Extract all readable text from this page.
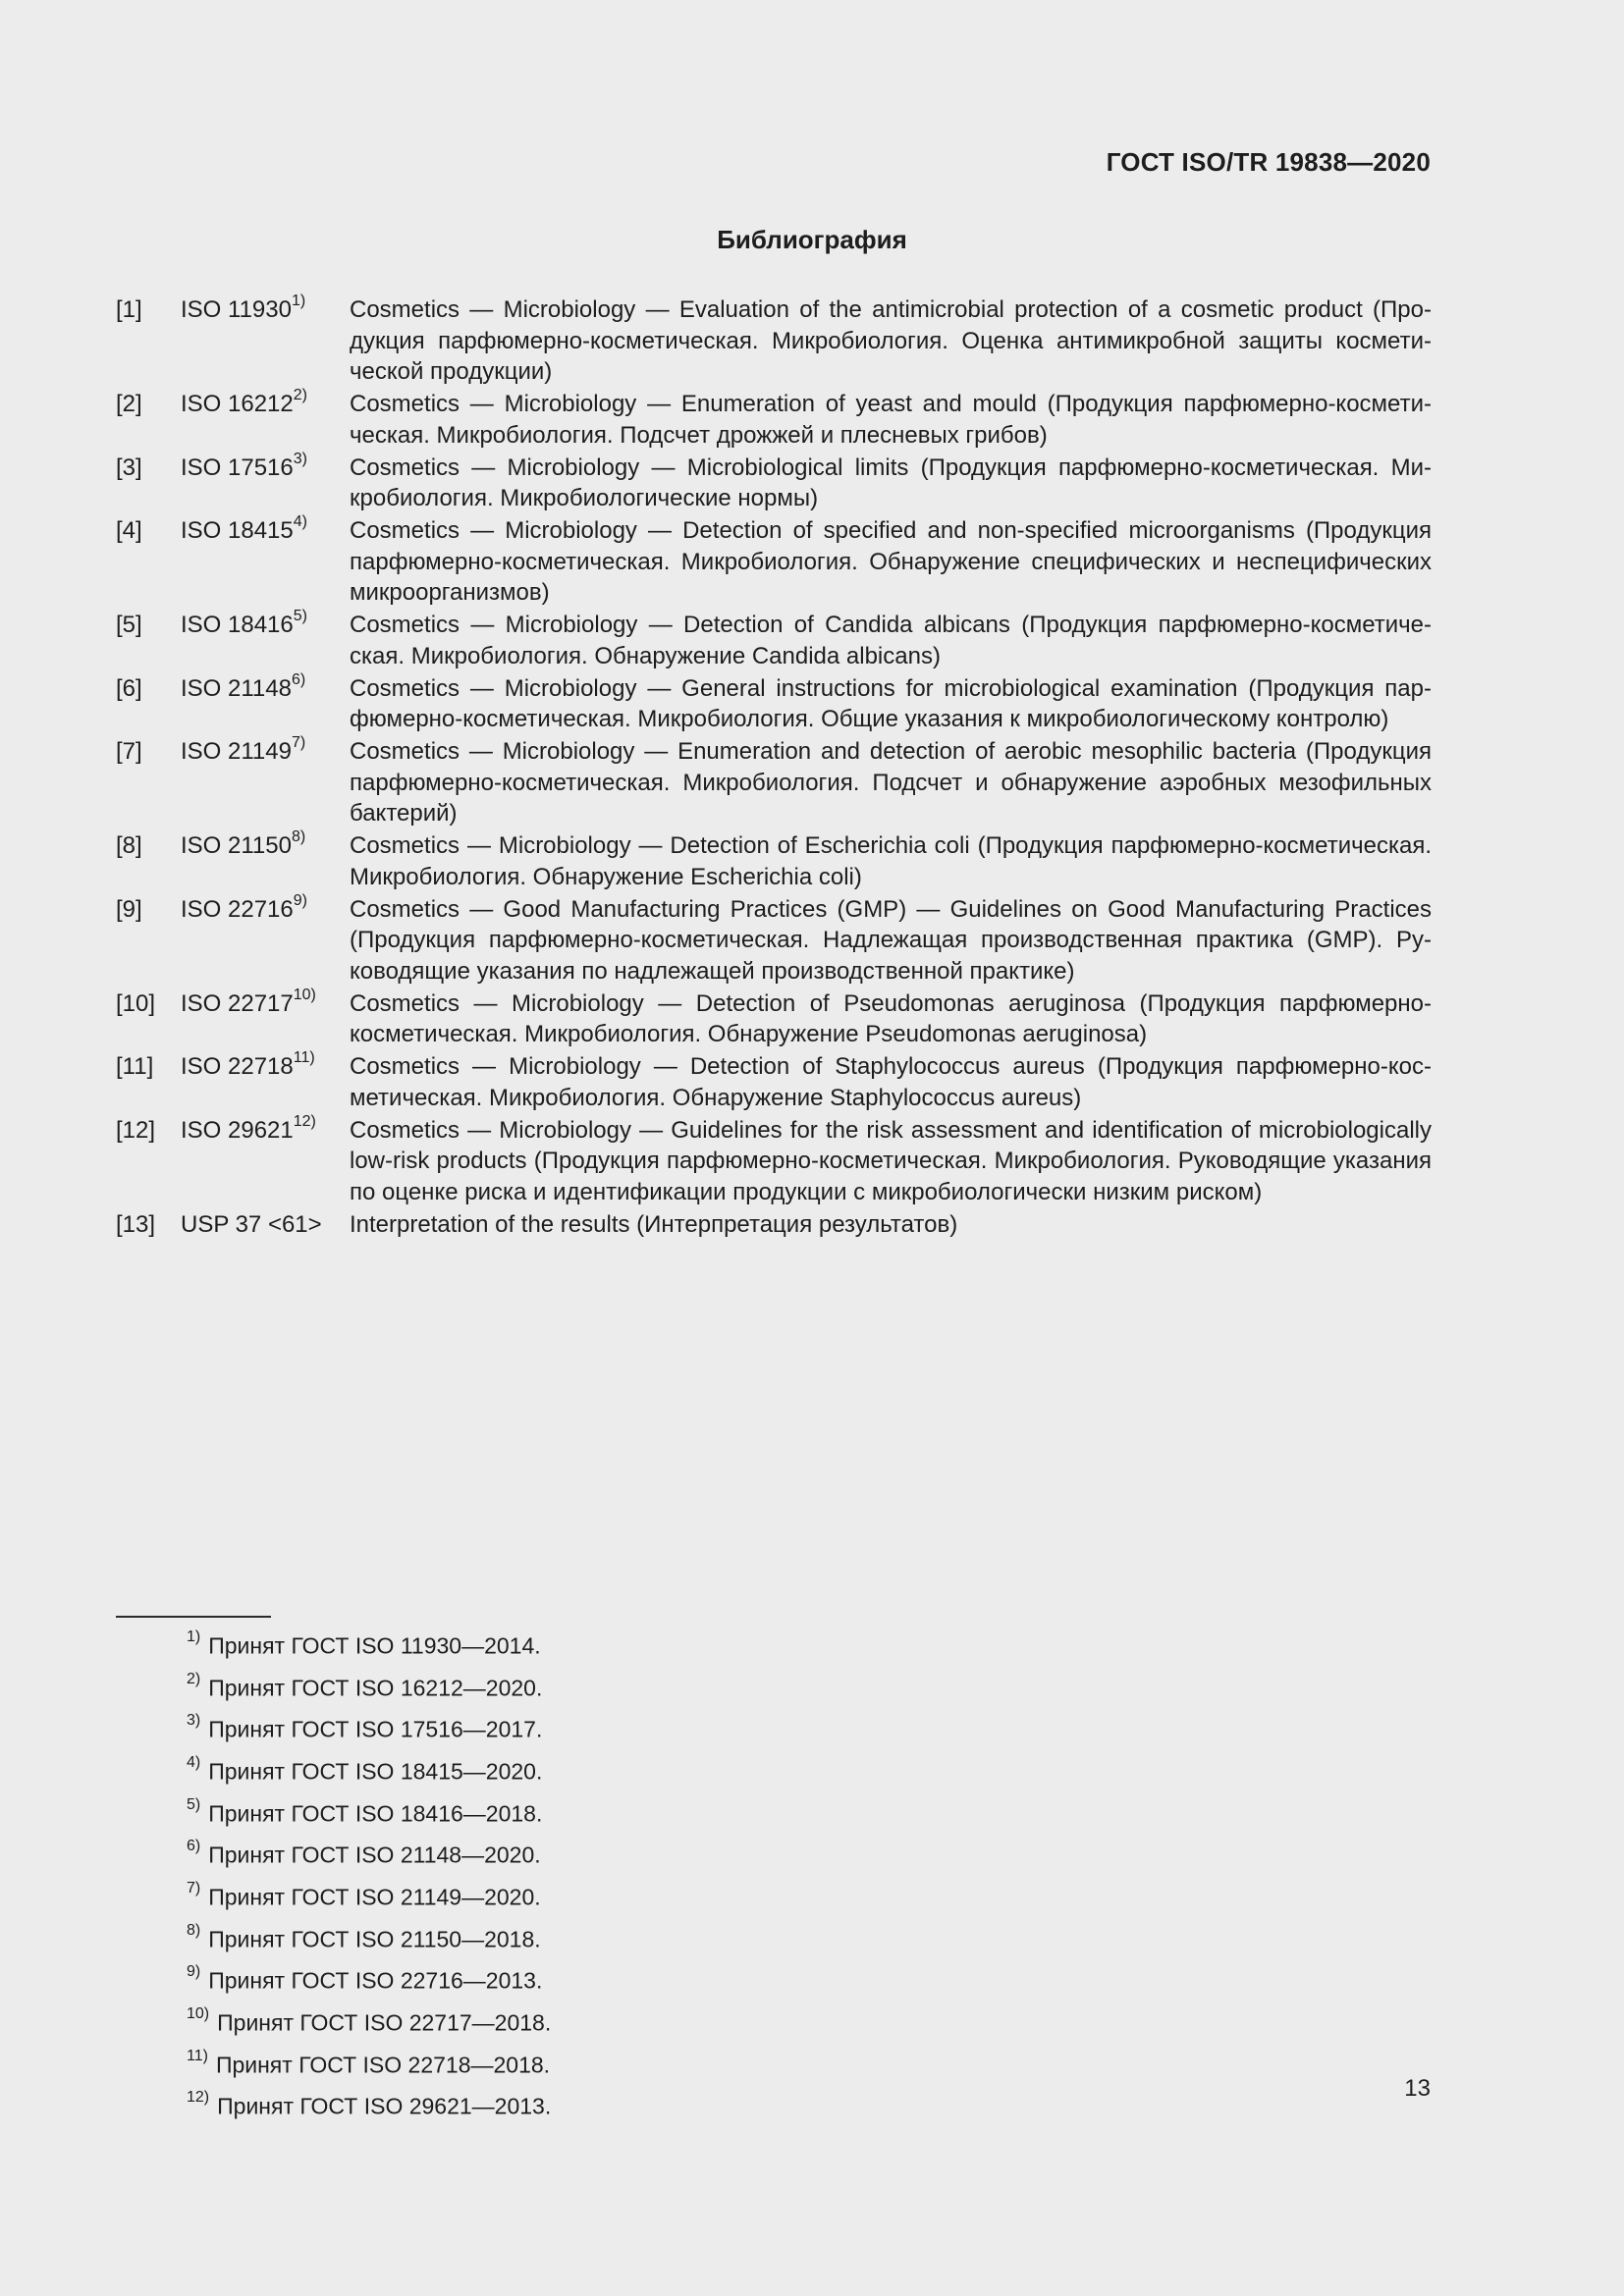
ГОСТ ISO/TR 19838—2020
Библиография
[1]	ISO 11930$^{1)}$	Cosmetics — Microbiology — Evaluation of the antimicrobial protection of a cosmetic product (Продукция парфюмерно-косметическая. Микробиология. Оценка антимикробной защиты косметической продукции)
[2]	ISO 16212$^{2)}$	Cosmetics — Microbiology — Enumeration of yeast and mould (Продукция парфюмерно-косметическая. Микробиология. Подсчет дрожжей и плесневых грибов)
[3]	ISO 17516$^{3)}$	Cosmetics — Microbiology — Microbiological limits (Продукция парфюмерно-косметическая. Микробиология. Микробиологические нормы)
[4]	ISO 18415$^{4)}$	Cosmetics — Microbiology — Detection of specified and non-specified microorganisms (Продукция парфюмерно-косметическая. Микробиология. Обнаружение специфических и неспецифических микроорганизмов)
[5]	ISO 18416$^{5)}$	Cosmetics — Microbiology — Detection of Candida albicans (Продукция парфюмерно-косметическая. Микробиология. Обнаружение Candida albicans)
[6]	ISO 21148$^{6)}$	Cosmetics — Microbiology — General instructions for microbiological examination (Продукция парфюмерно-косметическая. Микробиология. Общие указания к микробиологическому контролю)
[7]	ISO 21149$^{7)}$	Cosmetics — Microbiology — Enumeration and detection of aerobic mesophilic bacteria (Продукция парфюмерно-косметическая. Микробиология. Подсчет и обнаружение аэробных мезофильных бактерий)
[8]	ISO 21150$^{8)}$	Cosmetics — Microbiology — Detection of Escherichia coli (Продукция парфюмерно-косметическая. Микробиология. Обнаружение Escherichia coli)
[9]	ISO 22716$^{9)}$	Cosmetics — Good Manufacturing Practices (GMP) — Guidelines on Good Manufacturing Practices (Продукция парфюмерно-косметическая. Надлежащая производственная практика (GMP). Руководящие указания по надлежащей производственной практике)
[10]	ISO 22717$^{10)}$	Cosmetics — Microbiology — Detection of Pseudomonas aeruginosa (Продукция парфюмерно-косметическая. Микробиология. Обнаружение Pseudomonas aeruginosa)
[11]	ISO 22718$^{11)}$	Cosmetics — Microbiology — Detection of Staphylococcus aureus (Продукция парфюмерно-косметическая. Микробиология. Обнаружение Staphylococcus aureus)
[12]	ISO 29621$^{12)}$	Cosmetics — Microbiology — Guidelines for the risk assessment and identification of microbiologically low-risk products (Продукция парфюмерно-косметическая. Микробиология. Руководящие указания по оценке риска и идентификации продукции с микробиологически низким риском)
[13]	USP 37 <61>	Interpretation of the results (Интерпретация результатов)
$^{1)}$ Принят ГОСТ ISO 11930—2014.
$^{2)}$ Принят ГОСТ ISO 16212—2020.
$^{3)}$ Принят ГОСТ ISO 17516—2017.
$^{4)}$ Принят ГОСТ ISO 18415—2020.
$^{5)}$ Принят ГОСТ ISO 18416—2018.
$^{6)}$ Принят ГОСТ ISO 21148—2020.
$^{7)}$ Принят ГОСТ ISO 21149—2020.
$^{8)}$ Принят ГОСТ ISO 21150—2018.
$^{9)}$ Принят ГОСТ ISO 22716—2013.
$^{10)}$ Принят ГОСТ ISO 22717—2018.
$^{11)}$ Принят ГОСТ ISO 22718—2018.
$^{12)}$ Принят ГОСТ ISO 29621—2013.
13
